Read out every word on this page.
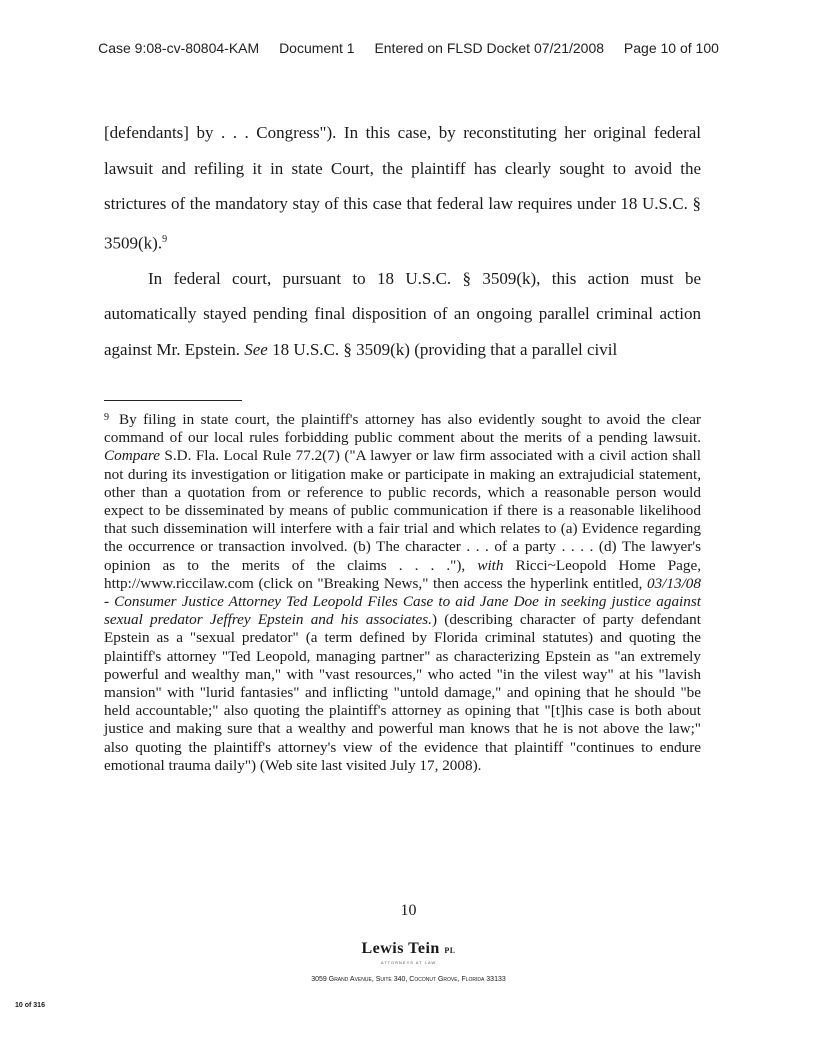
Case 9:08-cv-80804-KAM Document 1 Entered on FLSD Docket 07/21/2008 Page 10 of 100

[defendants] by . . . Congress"). In this case, by reconstituting her original federal lawsuit and refiling it in state Court, the plaintiff has clearly sought to avoid the strictures of the mandatory stay of this case that federal law requires under 18 U.S.C. § 3509(k).$^9$

In federal court, pursuant to 18 U.S.C. § 3509(k), this action must be automatically stayed pending final disposition of an ongoing parallel criminal action against Mr. Epstein. See 18 U.S.C. § 3509(k) (providing that a parallel civil

$^9$ By filing in state court, the plaintiff's attorney has also evidently sought to avoid the clear command of our local rules forbidding public comment about the merits of a pending lawsuit. Compare S.D. Fla. Local Rule 77.2(7) ("A lawyer or law firm associated with a civil action shall not during its investigation or litigation make or participate in making an extrajudicial statement, other than a quotation from or reference to public records, which a reasonable person would expect to be disseminated by means of public communication if there is a reasonable likelihood that such dissemination will interfere with a fair trial and which relates to (a) Evidence regarding the occurrence or transaction involved. (b) The character . . . of a party . . . . (d) The lawyer's opinion as to the merits of the claims . . . ."), with Ricci~Leopold Home Page, http://www.riccilaw.com (click on "Breaking News," then access the hyperlink entitled, 03/13/08 - Consumer Justice Attorney Ted Leopold Files Case to aid Jane Doe in seeking justice against sexual predator Jeffrey Epstein and his associates.) (describing character of party defendant Epstein as a "sexual predator" (a term defined by Florida criminal statutes) and quoting the plaintiff's attorney "Ted Leopold, managing partner" as characterizing Epstein as "an extremely powerful and wealthy man," with "vast resources," who acted "in the vilest way" at his "lavish mansion" with "lurid fantasies" and inflicting "untold damage," and opining that he should "be held accountable;" also quoting the plaintiff's attorney as opining that "[t]his case is both about justice and making sure that a wealthy and powerful man knows that he is not above the law;" also quoting the plaintiff's attorney's view of the evidence that plaintiff "continues to endure emotional trauma daily") (Web site last visited July 17, 2008).
10
Lewis Tein PL
ATTORNEYS AT LAW
3059 Grand Avenue, Suite 340, Coconut Grove, Florida 33133
10 of 316
